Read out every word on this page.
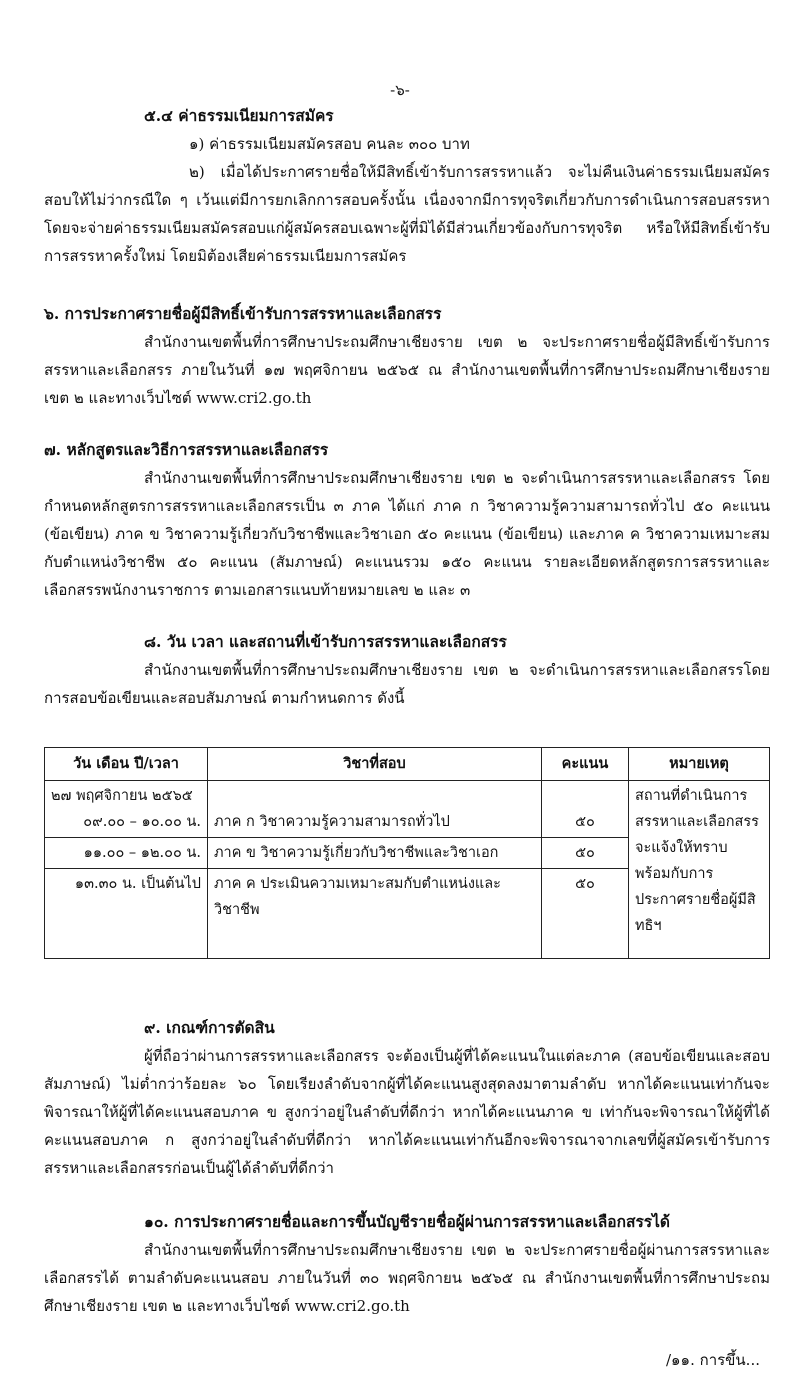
-๖-

๕.๔ ค่าธรรมเนียมการสมัคร

๑) ค่าธรรมเนียมสมัครสอบ คนละ ๓๐๐ บาท

๒) เมื่อได้ประกาศรายชื่อให้มีสิทธิ์เข้ารับการสรรหาแล้ว จะไม่คืนเงินค่าธรรมเนียมสมัครสอบให้ไม่ว่ากรณีใด ๆ เว้นแต่มีการยกเลิกการสอบครั้งนั้น เนื่องจากมีการทุจริตเกี่ยวกับการดำเนินการสอบสรรหาโดยจะจ่ายค่าธรรมเนียมสมัครสอบแก่ผู้สมัครสอบเฉพาะผู้ที่มิได้มีส่วนเกี่ยวข้องกับการทุจริต หรือให้มีสิทธิ์เข้ารับการสรรหาครั้งใหม่ โดยมิต้องเสียค่าธรรมเนียมการสมัคร

๖. การประกาศรายชื่อผู้มีสิทธิ์เข้ารับการสรรหาและเลือกสรร

สำนักงานเขตพื้นที่การศึกษาประถมศึกษาเชียงราย เขต ๒ จะประกาศรายชื่อผู้มีสิทธิ์เข้ารับการสรรหาและเลือกสรร ภายในวันที่ ๑๗ พฤศจิกายน ๒๕๖๕ ณ สำนักงานเขตพื้นที่การศึกษาประถมศึกษาเชียงราย เขต ๒ และทางเว็บไซต์ www.cri2.go.th

๗. หลักสูตรและวิธีการสรรหาและเลือกสรร

สำนักงานเขตพื้นที่การศึกษาประถมศึกษาเชียงราย เขต ๒ จะดำเนินการสรรหาและเลือกสรร โดยกำหนดหลักสูตรการสรรหาและเลือกสรรเป็น ๓ ภาค ได้แก่ ภาค ก วิชาความรู้ความสามารถทั่วไป ๕๐ คะแนน (ข้อเขียน) ภาค ข วิชาความรู้เกี่ยวกับวิชาชีพและวิชาเอก ๕๐ คะแนน (ข้อเขียน) และภาค ค วิชาความเหมาะสมกับตำแหน่งวิชาชีพ ๕๐ คะแนน (สัมภาษณ์) คะแนนรวม ๑๕๐ คะแนน รายละเอียดหลักสูตรการสรรหาและเลือกสรรพนักงานราชการ ตามเอกสารแนบท้ายหมายเลข ๒ และ ๓

๘. วัน เวลา และสถานที่เข้ารับการสรรหาและเลือกสรร

สำนักงานเขตพื้นที่การศึกษาประถมศึกษาเชียงราย เขต ๒ จะดำเนินการสรรหาและเลือกสรรโดยการสอบข้อเขียนและสอบสัมภาษณ์ ตามกำหนดการ ดังนี้

วัน เดือน ปี/เวลา	วิชาที่สอบ	คะแนน	หมายเหตุ

๒๗ พฤศจิกายน ๒๕๖๕
๐๙.๐๐ – ๑๐.๐๐ น.	ภาค ก วิชาความรู้ความสามารถทั่วไป	๕๐	สถานที่ดำเนินการสรรหาและเลือกสรร จะแจ้งให้ทราบพร้อมกับการประกาศรายชื่อผู้มีสิทธิฯ
๑๑.๐๐ – ๑๒.๐๐ น.	ภาค ข วิชาความรู้เกี่ยวกับวิชาชีพและวิชาเอก	๕๐	
๑๓.๓๐ น. เป็นต้นไป	ภาค ค ประเมินความเหมาะสมกับตำแหน่งและวิชาชีพ	๕๐	

๙. เกณฑ์การตัดสิน

ผู้ที่ถือว่าผ่านการสรรหาและเลือกสรร จะต้องเป็นผู้ที่ได้คะแนนในแต่ละภาค (สอบข้อเขียนและสอบสัมภาษณ์) ไม่ต่ำกว่าร้อยละ ๖๐ โดยเรียงลำดับจากผู้ที่ได้คะแนนสูงสุดลงมาตามลำดับ หากได้คะแนนเท่ากันจะพิจารณาให้ผู้ที่ได้คะแนนสอบภาค ข สูงกว่าอยู่ในลำดับที่ดีกว่า หากได้คะแนนภาค ข เท่ากันจะพิจารณาให้ผู้ที่ได้คะแนนสอบภาค ก สูงกว่าอยู่ในลำดับที่ดีกว่า หากได้คะแนนเท่ากันอีกจะพิจารณาจากเลขที่ผู้สมัครเข้ารับการสรรหาและเลือกสรรก่อนเป็นผู้ได้ลำดับที่ดีกว่า

๑๐. การประกาศรายชื่อและการขึ้นบัญชีรายชื่อผู้ผ่านการสรรหาและเลือกสรรได้

สำนักงานเขตพื้นที่การศึกษาประถมศึกษาเชียงราย เขต ๒ จะประกาศรายชื่อผู้ผ่านการสรรหาและเลือกสรรได้ ตามลำดับคะแนนสอบ ภายในวันที่ ๓๐ พฤศจิกายน ๒๕๖๕ ณ สำนักงานเขตพื้นที่การศึกษาประถมศึกษาเชียงราย เขต ๒ และทางเว็บไซต์ www.cri2.go.th

/๑๑. การขึ้น...
